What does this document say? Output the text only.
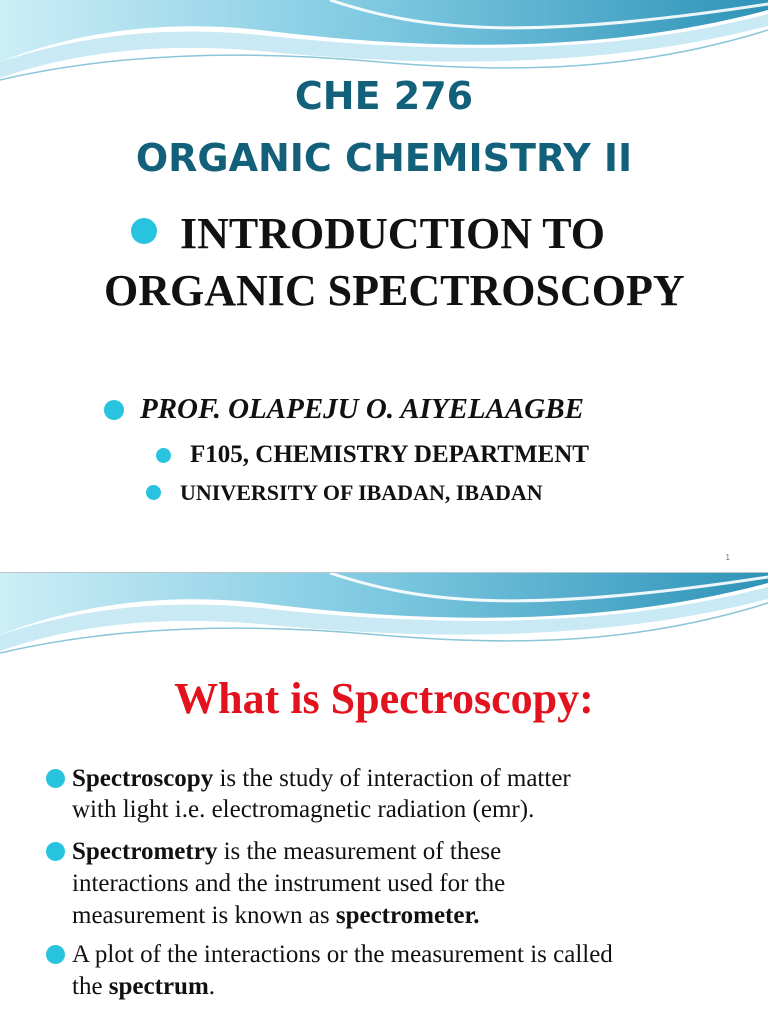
CHE 276
ORGANIC CHEMISTRY II
INTRODUCTION TO
ORGANIC SPECTROSCOPY
PROF. OLAPEJU O. AIYELAAGBE
F105, CHEMISTRY DEPARTMENT
UNIVERSITY OF IBADAN, IBADAN
1
What is Spectroscopy:
Spectroscopy is the study of interaction of matter
with light i.e. electromagnetic radiation (emr).
Spectrometry is the measurement of these
interactions and the instrument used for the
measurement is known as spectrometer.
A plot of the interactions or the measurement is called
the spectrum.
